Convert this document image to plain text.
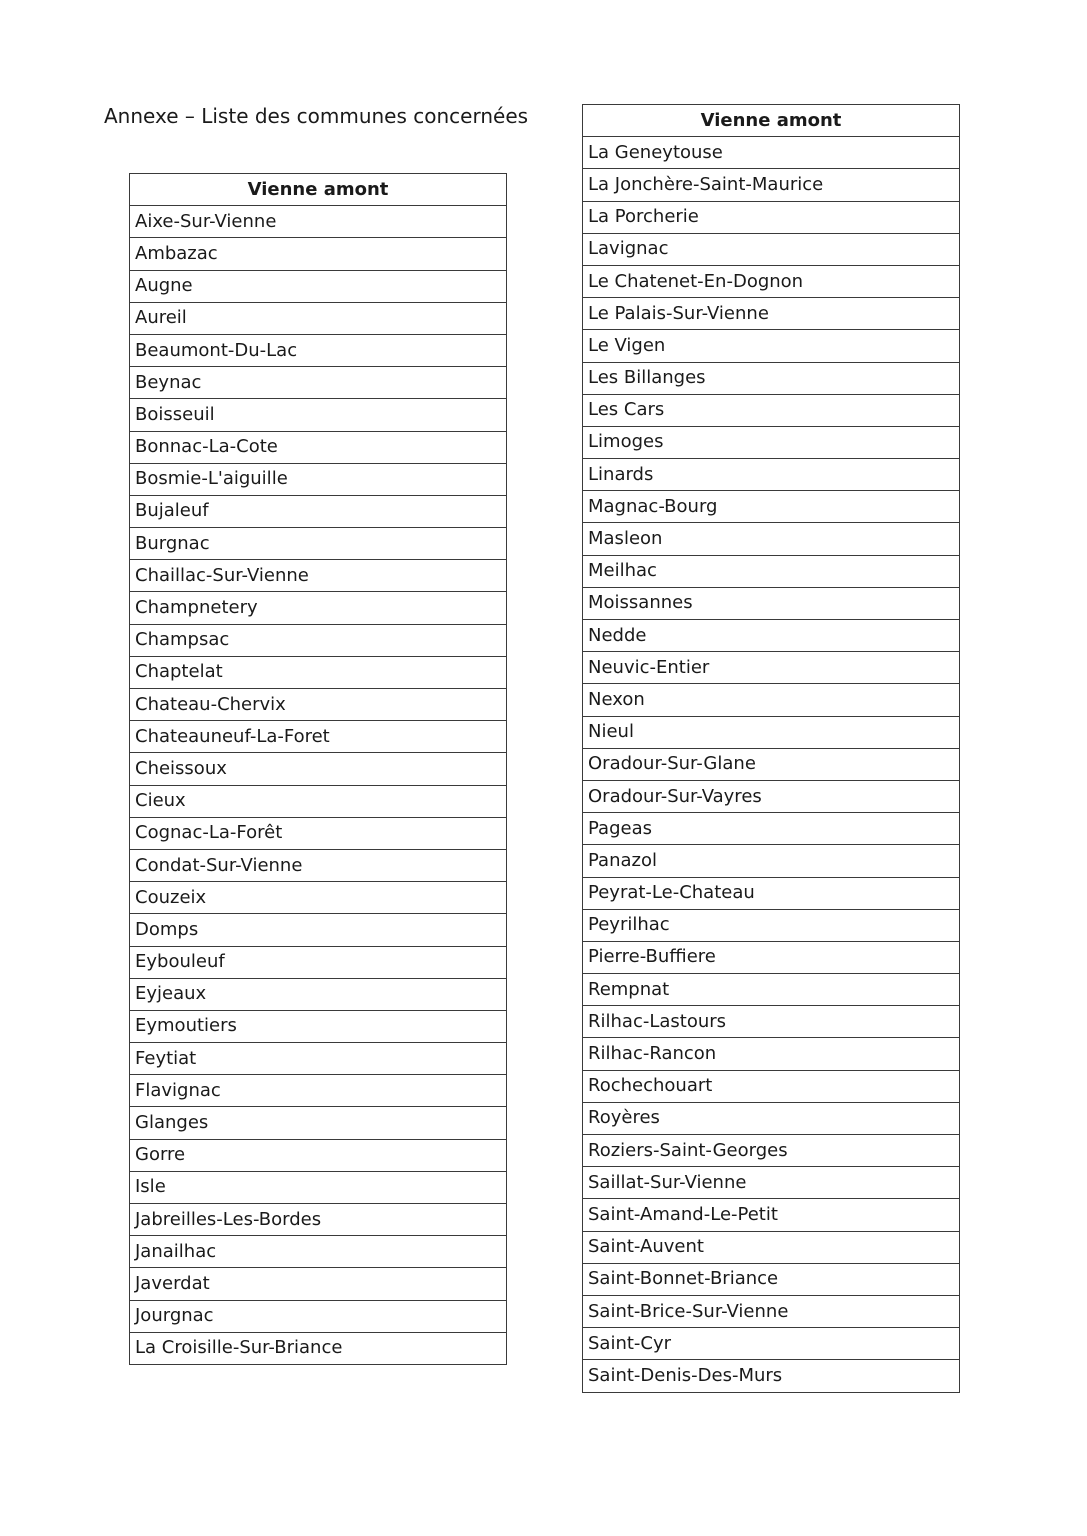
Annexe – Liste des communes concernées
Vienne amont
Aixe-Sur-Vienne
Ambazac
Augne
Aureil
Beaumont-Du-Lac
Beynac
Boisseuil
Bonnac-La-Cote
Bosmie-L'aiguille
Bujaleuf
Burgnac
Chaillac-Sur-Vienne
Champnetery
Champsac
Chaptelat
Chateau-Chervix
Chateauneuf-La-Foret
Cheissoux
Cieux
Cognac-La-Forêt
Condat-Sur-Vienne
Couzeix
Domps
Eybouleuf
Eyjeaux
Eymoutiers
Feytiat
Flavignac
Glanges
Gorre
Isle
Jabreilles-Les-Bordes
Janailhac
Javerdat
Jourgnac
La Croisille-Sur-Briance
Vienne amont
La Geneytouse
La Jonchère-Saint-Maurice
La Porcherie
Lavignac
Le Chatenet-En-Dognon
Le Palais-Sur-Vienne
Le Vigen
Les Billanges
Les Cars
Limoges
Linards
Magnac-Bourg
Masleon
Meilhac
Moissannes
Nedde
Neuvic-Entier
Nexon
Nieul
Oradour-Sur-Glane
Oradour-Sur-Vayres
Pageas
Panazol
Peyrat-Le-Chateau
Peyrilhac
Pierre-Buffiere
Rempnat
Rilhac-Lastours
Rilhac-Rancon
Rochechouart
Royères
Roziers-Saint-Georges
Saillat-Sur-Vienne
Saint-Amand-Le-Petit
Saint-Auvent
Saint-Bonnet-Briance
Saint-Brice-Sur-Vienne
Saint-Cyr
Saint-Denis-Des-Murs
